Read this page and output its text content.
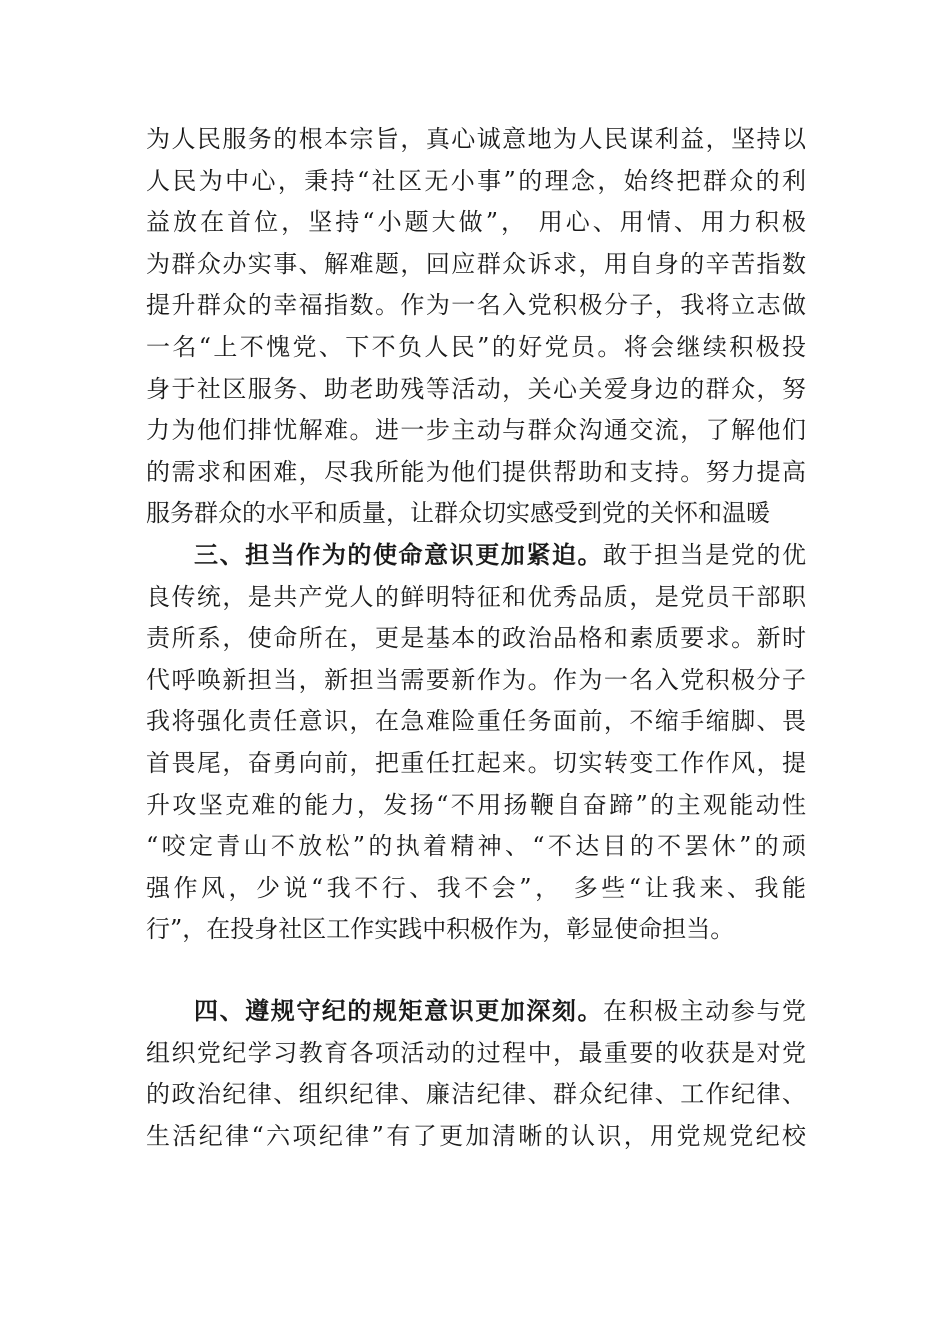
为人民服务的根本宗旨，真心诚意地为人民谋利益，坚持以
人民为中心，秉持“社区无小事”的理念，始终把群众的利
益放在首位，坚持“小题大做”， 用心、用情、用力积极
为群众办实事、解难题，回应群众诉求，用自身的辛苦指数
提升群众的幸福指数。作为一名入党积极分子，我将立志做
一名“上不愧党、下不负人民”的好党员。将会继续积极投
身于社区服务、助老助残等活动，关心关爱身边的群众，努
力为他们排忧解难。进一步主动与群众沟通交流，了解他们
的需求和困难，尽我所能为他们提供帮助和支持。努力提高
服务群众的水平和质量，让群众切实感受到党的关怀和温暖
三、担当作为的使命意识更加紧迫。敢于担当是党的优
良传统，是共产党人的鲜明特征和优秀品质，是党员干部职
责所系，使命所在，更是基本的政治品格和素质要求。新时
代呼唤新担当，新担当需要新作为。作为一名入党积极分子
我将强化责任意识，在急难险重任务面前，不缩手缩脚、畏
首畏尾，奋勇向前，把重任扛起来。切实转变工作作风，提
升攻坚克难的能力，发扬“不用扬鞭自奋蹄”的主观能动性
“咬定青山不放松”的执着精神、“不达目的不罢休”的顽
强作风，少说“我不行、我不会”， 多些“让我来、我能
行”，在投身社区工作实践中积极作为，彰显使命担当。
四、遵规守纪的规矩意识更加深刻。在积极主动参与党
组织党纪学习教育各项活动的过程中，最重要的收获是对党
的政治纪律、组织纪律、廉洁纪律、群众纪律、工作纪律、
生活纪律“六项纪律”有了更加清晰的认识，用党规党纪校
